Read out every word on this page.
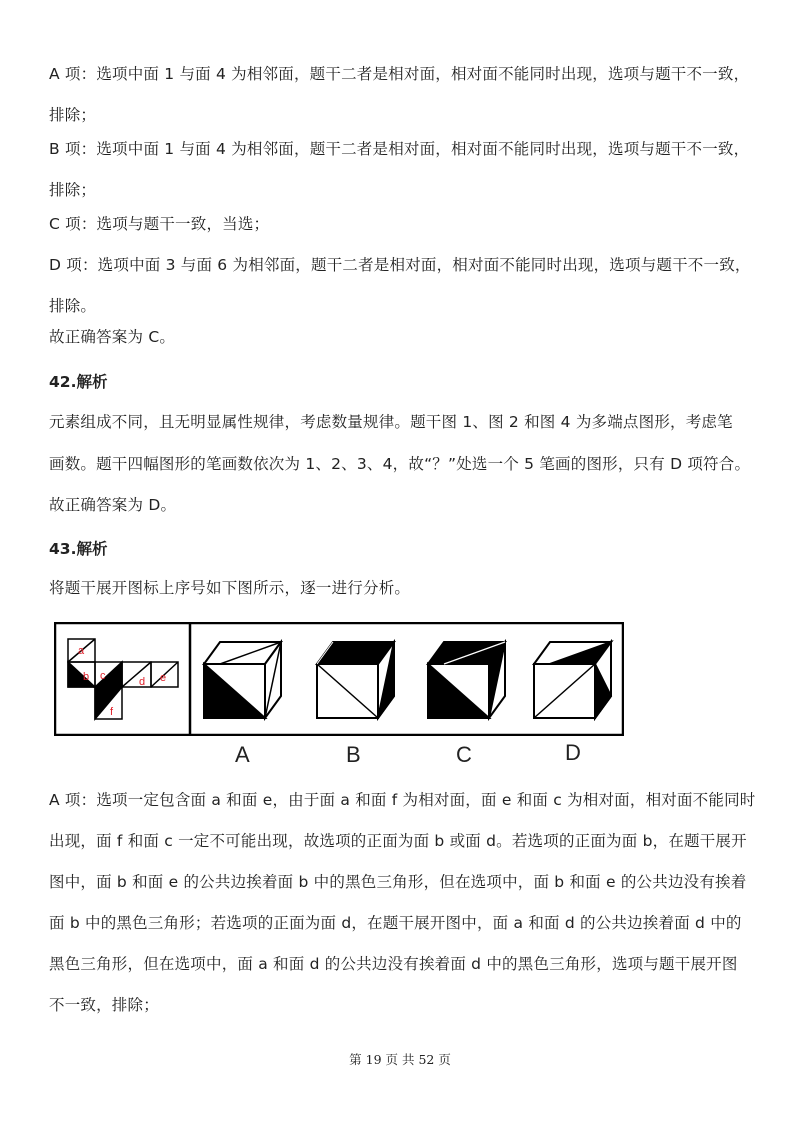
A 项：选项中面 1 与面 4 为相邻面，题干二者是相对面，相对面不能同时出现，选项与题干不一致，
排除；
B 项：选项中面 1 与面 4 为相邻面，题干二者是相对面，相对面不能同时出现，选项与题干不一致，
排除；
C 项：选项与题干一致，当选；
D 项：选项中面 3 与面 6 为相邻面，题干二者是相对面，相对面不能同时出现，选项与题干不一致，
排除。
故正确答案为 C。
42.解析
元素组成不同，且无明显属性规律，考虑数量规律。题干图 1、图 2 和图 4 为多端点图形，考虑笔
画数。题干四幅图形的笔画数依次为 1、2、3、4，故“？”处选一个 5 笔画的图形，只有 D 项符合。
故正确答案为 D。
43.解析
将题干展开图标上序号如下图所示，逐一进行分析。
a
b c	d e
f
A	B	C	D
A 项：选项一定包含面 a 和面 e，由于面 a 和面 f 为相对面，面 e 和面 c 为相对面，相对面不能同时
出现，面 f 和面 c 一定不可能出现，故选项的正面为面 b 或面 d。若选项的正面为面 b，在题干展开
图中，面 b 和面 e 的公共边挨着面 b 中的黑色三角形，但在选项中，面 b 和面 e 的公共边没有挨着
面 b 中的黑色三角形；若选项的正面为面 d，在题干展开图中，面 a 和面 d 的公共边挨着面 d 中的
黑色三角形，但在选项中，面 a 和面 d 的公共边没有挨着面 d 中的黑色三角形，选项与题干展开图
不一致，排除；
第 19 页 共 52 页
